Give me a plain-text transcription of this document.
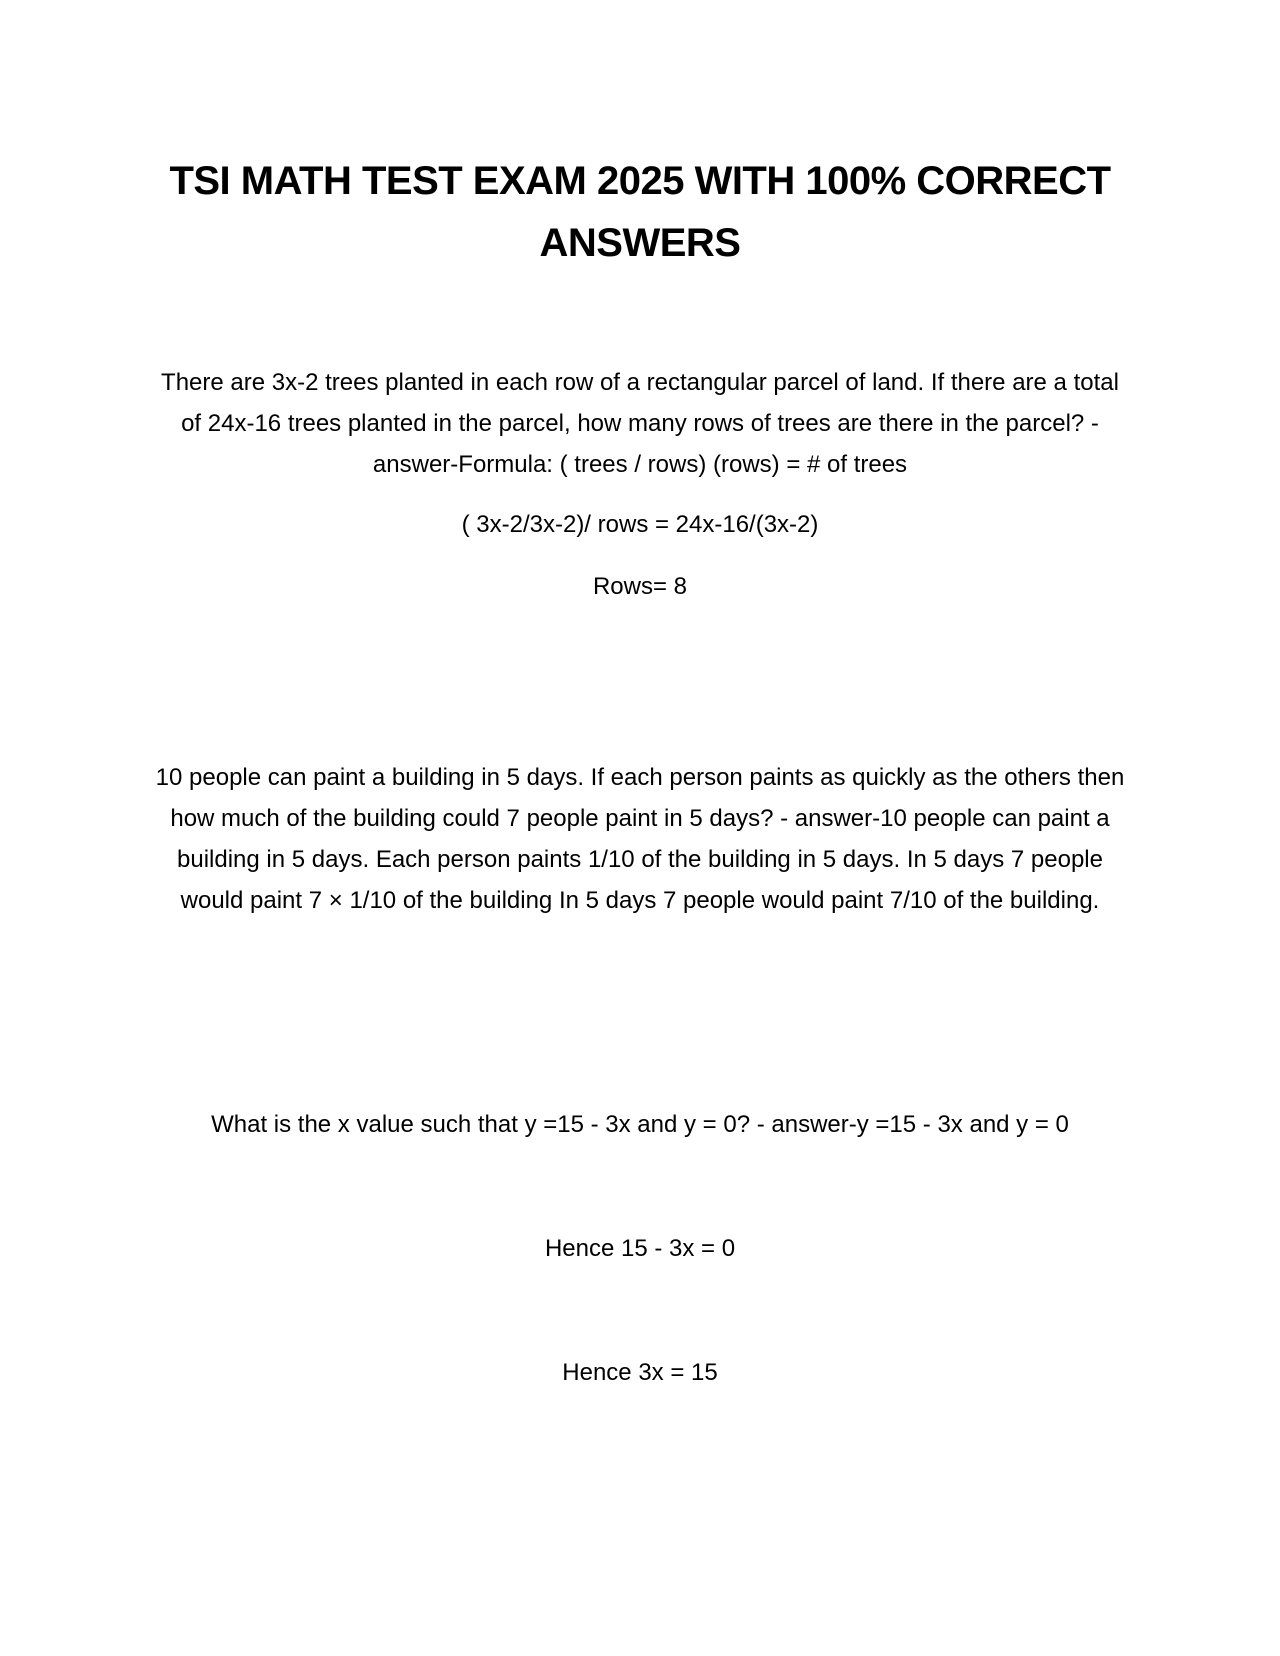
TSI MATH TEST EXAM 2025 WITH 100% CORRECT ANSWERS

There are 3x-2 trees planted in each row of a rectangular parcel of land. If there are a total of 24x-16 trees planted in the parcel, how many rows of trees are there in the parcel? - answer-Formula: ( trees / rows) (rows) = # of trees

( 3x-2/3x-2)/ rows = 24x-16/(3x-2)

Rows= 8

10 people can paint a building in 5 days. If each person paints as quickly as the others then how much of the building could 7 people paint in 5 days? - answer-10 people can paint a building in 5 days. Each person paints 1/10 of the building in 5 days. In 5 days 7 people would paint 7 × 1/10 of the building In 5 days 7 people would paint 7/10 of the building.

What is the x value such that y =15 - 3x and y = 0? - answer-y =15 - 3x and y = 0

Hence 15 - 3x = 0

Hence 3x = 15
